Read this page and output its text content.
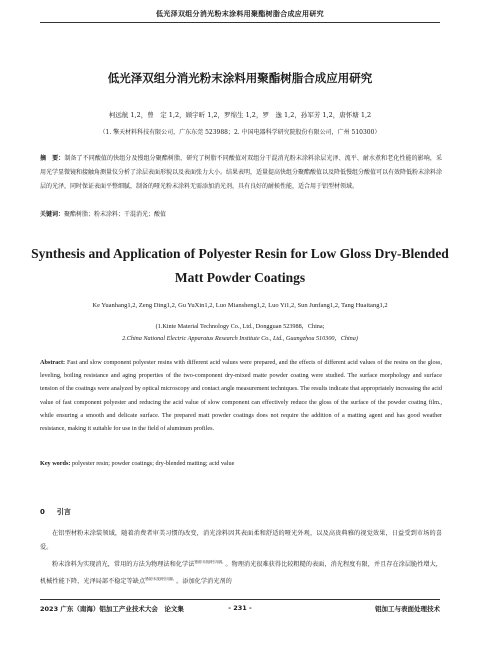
低光泽双组分消光粉末涂料用聚酯树脂合成应用研究
低光泽双组分消光粉末涂料用聚酯树脂合成应用研究
柯远航 1,2，曾　定 1,2，顾宇昕 1,2，罗绵生 1,2，罗　逸 1,2，孙军芳 1,2，唐怀塘 1,2
（1. 擎天材料科技有限公司，广东东莞 523988；2. 中国电器科学研究院股份有限公司，广州 510300）
摘　要：制备了不同酸值的快组分及慢组分聚酯树脂，研究了树脂不同酸值对双组分干混消光粉末涂料涂层光泽、流平、耐水煮和老化性能的影响，采用光学显微镜和接触角测量仪分析了涂层表面形貌以及表面张力大小。结果表明，适量提高快组分聚酯酸值以及降低慢组分酸值可以有效降低粉末涂料涂层的光泽，同时保证表面平整细腻，制备的哑光粉末涂料无需添加消光剂，具有良好的耐候性能，适合用于铝型材领域。
关键词：聚酯树脂；粉末涂料；干混消光；酸值
Synthesis and Application of Polyester Resin for Low Gloss Dry-Blended
Matt Powder Coatings
Ke Yuanhang1,2, Zeng Ding1,2, Gu YuXin1,2, Luo Miansheng1,2, Luo Yi1,2, Sun Junfang1,2, Tang Huaitang1,2
(1.Kinte Material Technology Co., Ltd., Dongguan 523988，China;
2.China National Electric Apparatus Research Institute Co., Ltd., Guangzhou 510300，China)
Abstract: Fast and slow component polyester resins with different acid values were prepared, and the effects of different acid values of the resins on the gloss, leveling, boiling resistance and aging properties of the two-component dry-mixed matte powder coating were studied. The surface morphology and surface tension of the coatings were analyzed by optical microscopy and contact angle measurement techniques. The results indicate that appropriately increasing the acid value of fast component polyester and reducing the acid value of slow component can effectively reduce the gloss of the surface of the powder coating film., while ensuring a smooth and delicate surface. The prepared matt powder coatings does not require the addition of a matting agent and has good weather resistance, making it suitable for use in the field of aluminum profiles.
Key words: polyester resin; powder coatings; dry-blended matting; acid value
0 引言

在铝型材粉末涂装领域，随着消费者审美习惯的改变，消光涂料因其表面柔和舒适的哑光外观，以及高贵典雅的视觉效果，日益受到市场的喜爱。

粉末涂料为实现消光，常用的方法为物理法和化学法$^{错误!未找到引用源。}$。物理消光很难获得比较粗糙的表面，消光程度有限，并且存在涂层脆性增大，机械性能下降，光泽局部不稳定等缺点$^{错误!未找到引用源。}$。添加化学消光剂的

2023 广东（南海）铝加工产业技术大会　论文集	- 231 -	铝加工与表面处理技术
